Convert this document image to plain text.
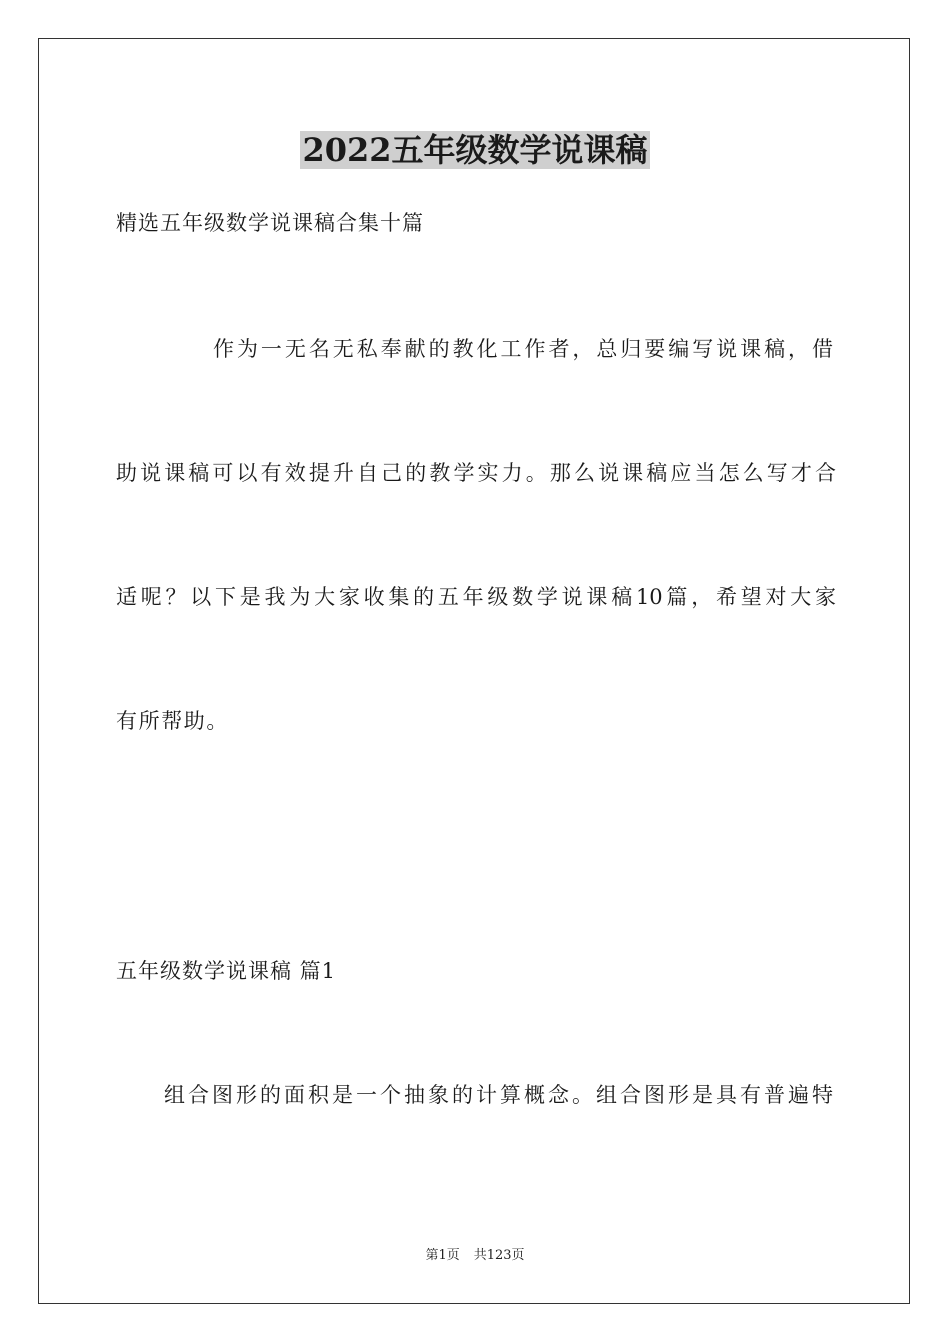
2022五年级数学说课稿
精选五年级数学说课稿合集十篇
作为一无名无私奉献的教化工作者，总归要编写说课稿，借
助说课稿可以有效提升自己的教学实力。那么说课稿应当怎么写才合
适呢？以下是我为大家收集的五年级数学说课稿10篇，希望对大家
有所帮助。
五年级数学说课稿 篇1
组合图形的面积是一个抽象的计算概念。组合图形是具有普遍特
第1页 共123页
